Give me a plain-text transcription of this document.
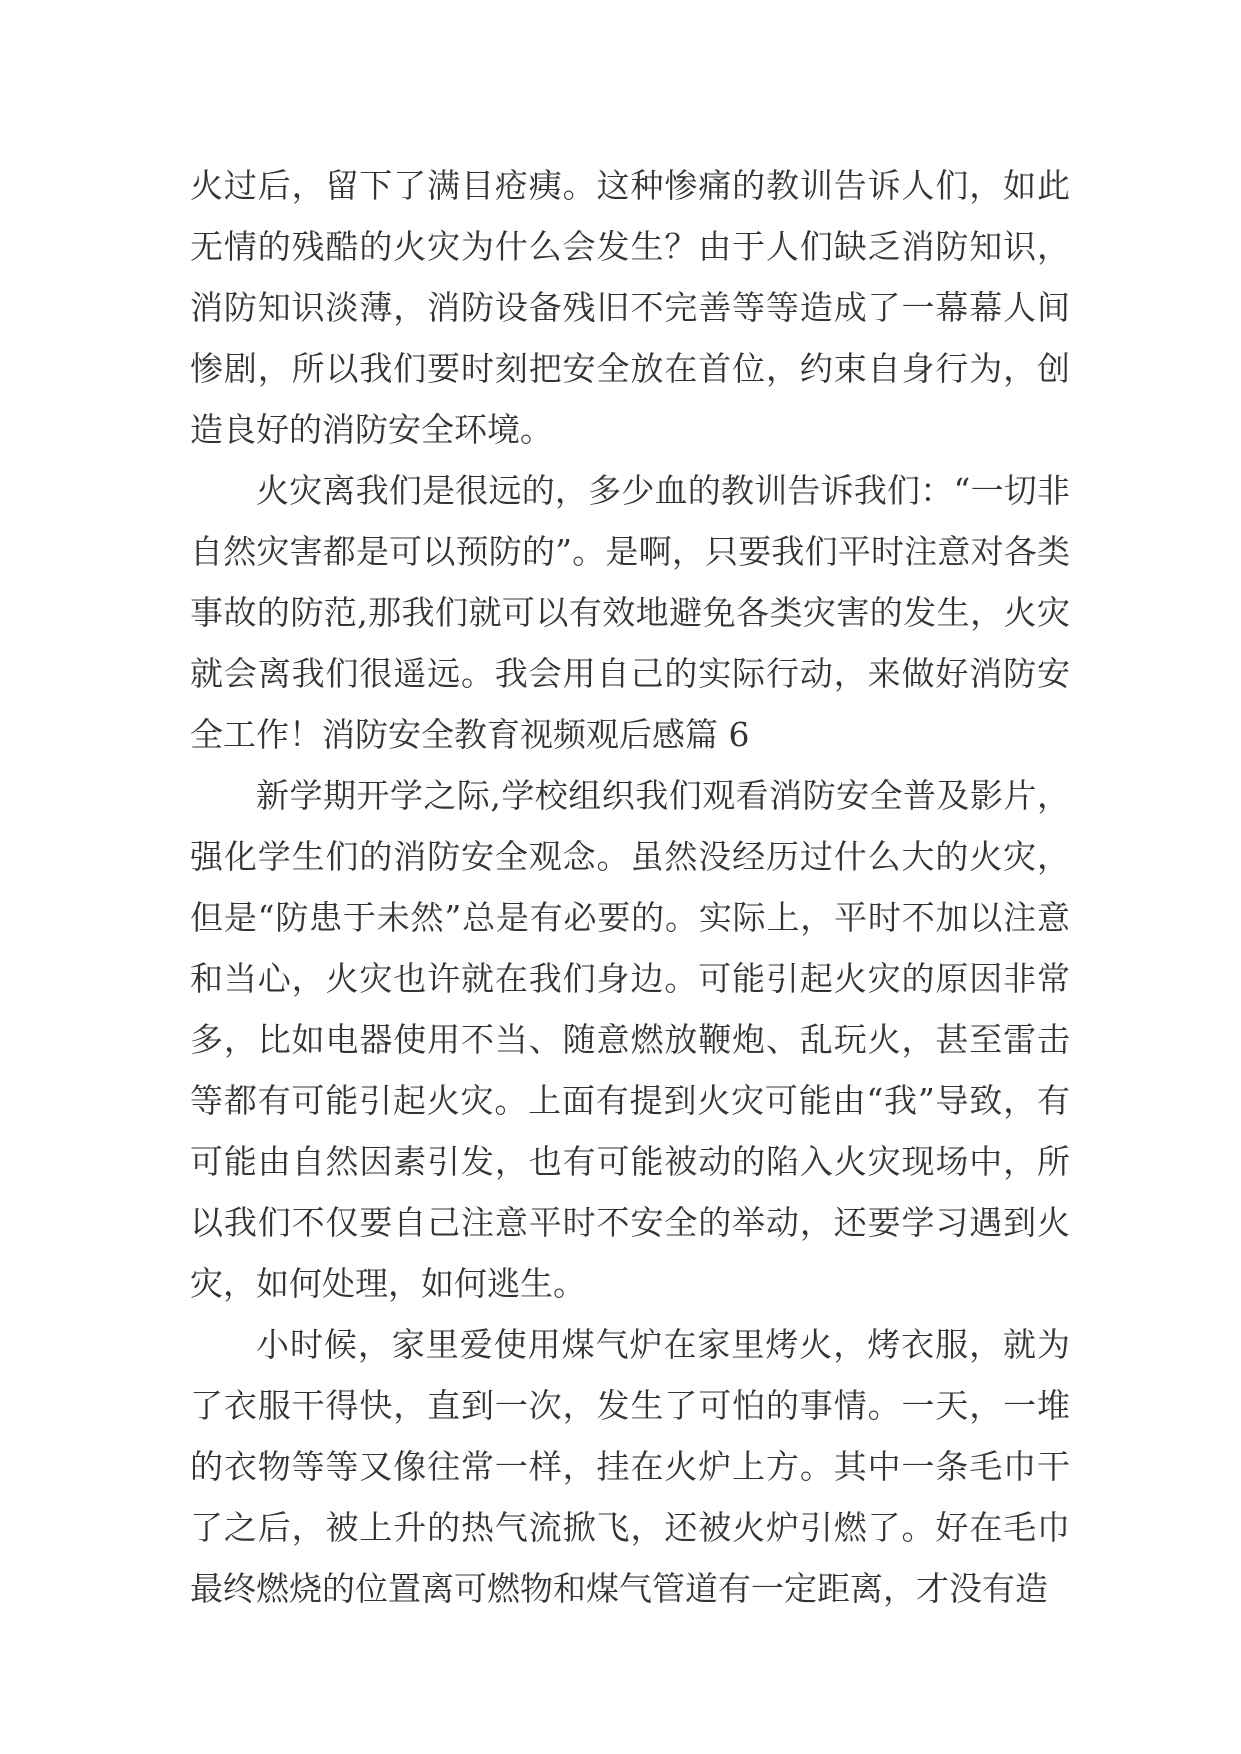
火过后，留下了满目疮痍。这种惨痛的教训告诉人们，如此无情的残酷的火灾为什么会发生？由于人们缺乏消防知识，消防知识淡薄，消防设备残旧不完善等等造成了一幕幕人间惨剧，所以我们要时刻把安全放在首位，约束自身行为，创造良好的消防安全环境。

火灾离我们是很远的，多少血的教训告诉我们：“一切非自然灾害都是可以预防的”。是啊，只要我们平时注意对各类事故的防范,那我们就可以有效地避免各类灾害的发生，火灾就会离我们很遥远。我会用自己的实际行动，来做好消防安全工作！消防安全教育视频观后感篇 6

新学期开学之际,学校组织我们观看消防安全普及影片，强化学生们的消防安全观念。虽然没经历过什么大的火灾，但是“防患于未然”总是有必要的。实际上，平时不加以注意和当心，火灾也许就在我们身边。可能引起火灾的原因非常多，比如电器使用不当、随意燃放鞭炮、乱玩火，甚至雷击等都有可能引起火灾。上面有提到火灾可能由“我”导致，有可能由自然因素引发，也有可能被动的陷入火灾现场中，所以我们不仅要自己注意平时不安全的举动，还要学习遇到火灾，如何处理，如何逃生。

小时候，家里爱使用煤气炉在家里烤火，烤衣服，就为了衣服干得快，直到一次，发生了可怕的事情。一天，一堆的衣物等等又像往常一样，挂在火炉上方。其中一条毛巾干了之后，被上升的热气流掀飞，还被火炉引燃了。好在毛巾最终燃烧的位置离可燃物和煤气管道有一定距离，才没有造
